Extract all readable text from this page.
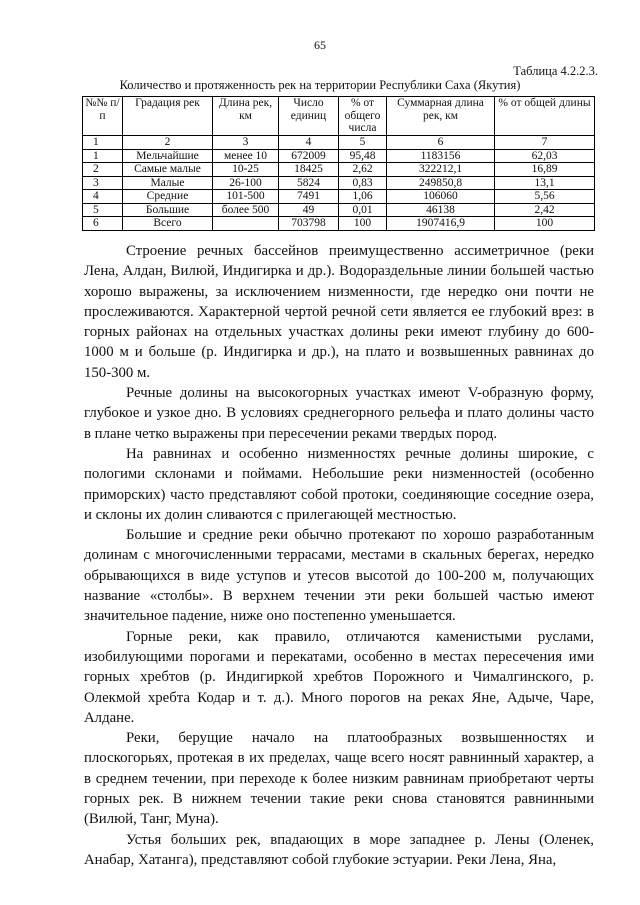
65
Таблица 4.2.2.3.
Количество и протяженность рек на территории Республики Саха (Якутия)
№№ п/п	Градация рек	Длина рек, км	Число единиц	% от общего числа	Суммарная длина рек, км	% от общей длины
1	2	3	4	5	6	7
1	Мельчайшие	менее 10	672009	95,48	1183156	62,03
2	Самые малые	10-25	18425	2,62	322212,1	16,89
3	Малые	26-100	5824	0,83	249850,8	13,1
4	Средние	101-500	7491	1,06	106060	5,56
5	Большие	более 500	49	0,01	46138	2,42
6	Всего		703798	100	1907416,9	100

Строение речных бассейнов преимущественно ассиметричное (реки Лена, Алдан, Вилюй, Индигирка и др.). Водораздельные линии большей частью хорошо выражены, за исключением низменности, где нередко они почти не прослеживаются. Характерной чертой речной сети является ее глубокий врез: в горных районах на отдельных участках долины реки имеют глубину до 600-1000 м и больше (р. Индигирка и др.), на плато и возвышенных равнинах до 150-300 м.

Речные долины на высокогорных участках имеют V-образную форму, глубокое и узкое дно. В условиях среднегорного рельефа и плато долины часто в плане четко выражены при пересечении реками твердых пород.

На равнинах и особенно низменностях речные долины широкие, с пологими склонами и поймами. Небольшие реки низменностей (особенно приморских) часто представляют собой протоки, соединяющие соседние озера, и склоны их долин сливаются с прилегающей местностью.

Большие и средние реки обычно протекают по хорошо разработанным долинам с многочисленными террасами, местами в скальных берегах, нередко обрывающихся в виде уступов и утесов высотой до 100-200 м, получающих название «столбы». В верхнем течении эти реки большей частью имеют значительное падение, ниже оно постепенно уменьшается.

Горные реки, как правило, отличаются каменистыми руслами, изобилующими порогами и перекатами, особенно в местах пересечения ими горных хребтов (р. Индигиркой хребтов Порожного и Чималгинского, р. Олекмой хребта Кодар и т. д.). Много порогов на реках Яне, Адыче, Чаре, Алдане.

Реки, берущие начало на платообразных возвышенностях и плоскогорьях, протекая в их пределах, чаще всего носят равнинный характер, а в среднем течении, при переходе к более низким равнинам приобретают черты горных рек. В нижнем течении такие реки снова становятся равнинными (Вилюй, Танг, Муна).

Устья больших рек, впадающих в море западнее р. Лены (Оленек, Анабар, Хатанга), представляют собой глубокие эстуарии. Реки Лена, Яна,
